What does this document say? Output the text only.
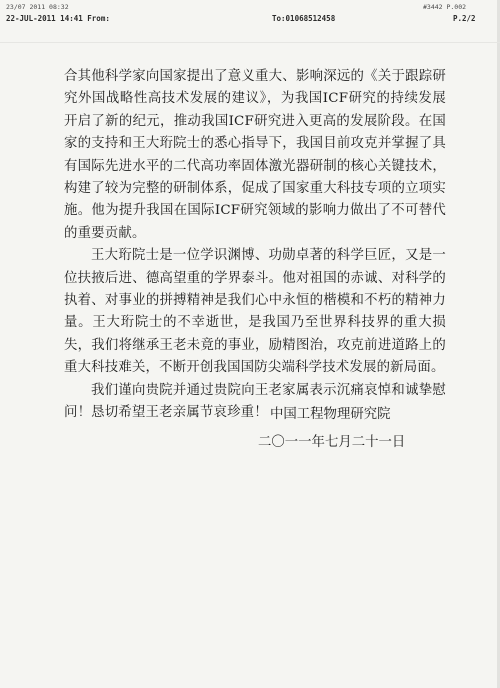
23/07 2011 08:32
22-JUL-2011 14:41 From:	To:01068512458
#3442 P.002
P.2/2

合其他科学家向国家提出了意义重大、影响深远的《关于跟踪研究外国战略性高技术发展的建议》，为我国ICF研究的持续发展开启了新的纪元，推动我国ICF研究进入更高的发展阶段。在国家的支持和王大珩院士的悉心指导下，我国目前攻克并掌握了具有国际先进水平的二代高功率固体激光器研制的核心关键技术，构建了较为完整的研制体系，促成了国家重大科技专项的立项实施。他为提升我国在国际ICF研究领域的影响力做出了不可替代的重要贡献。

王大珩院士是一位学识渊博、功勋卓著的科学巨匠，又是一位扶掖后进、德高望重的学界泰斗。他对祖国的赤诚、对科学的执着、对事业的拼搏精神是我们心中永恒的楷模和不朽的精神力量。王大珩院士的不幸逝世，是我国乃至世界科技界的重大损失，我们将继承王老未竟的事业，励精图治，攻克前进道路上的重大科技难关，不断开创我国国防尖端科学技术发展的新局面。

我们谨向贵院并通过贵院向王老家属表示沉痛哀悼和诚挚慰问！恳切希望王老亲属节哀珍重！ 中国工程物理研究院
二〇一一年七月二十一日
